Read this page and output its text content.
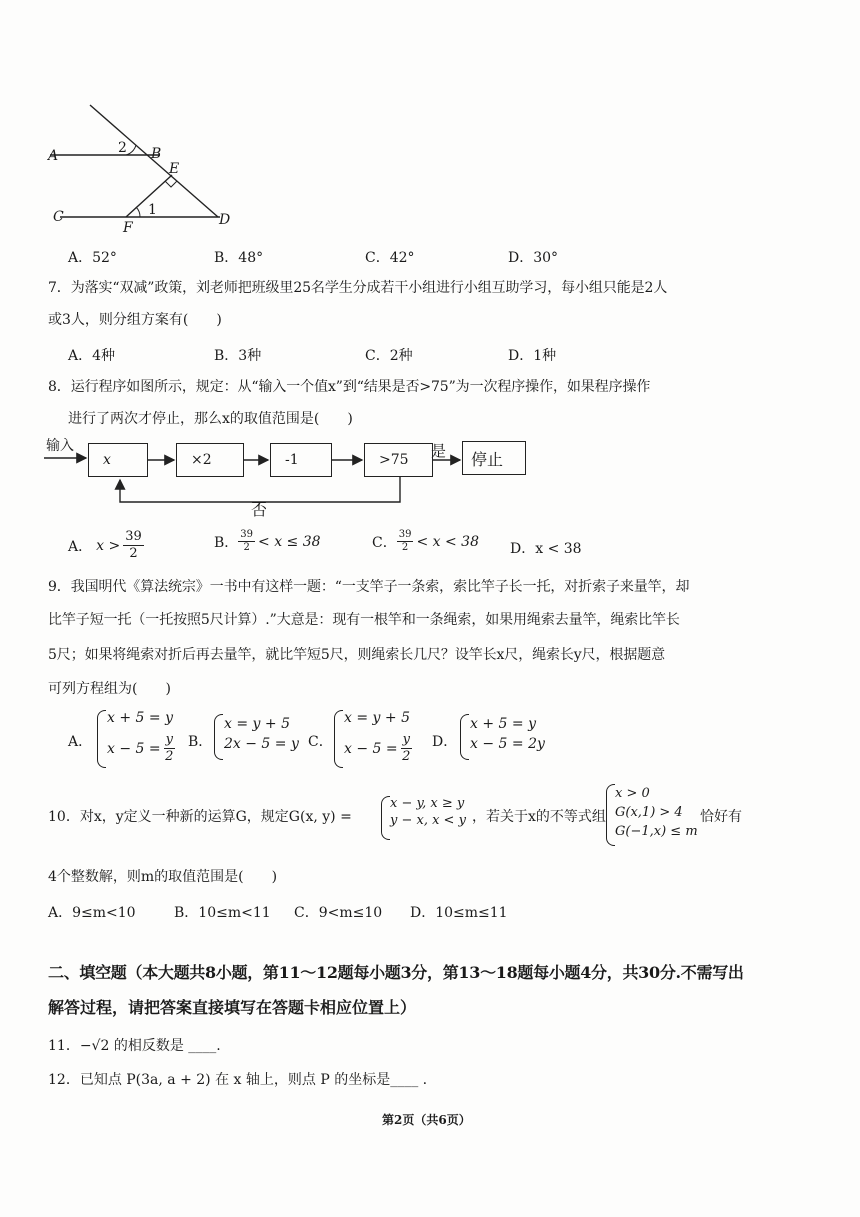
A	2 B
E
C	1
D
F
A．52°	B．48°	C．42°	D．30°
7．为落实“双减”政策，刘老师把班级里25名学生分成若干小组进行小组互助学习，每小组只能是2人
或3人，则分组方案有(　　)
A．4种	B．3种	C．2种	D．1种
8．运行程序如图所示，规定：从“输入一个值x”到“结果是否>75”为一次程序操作，如果程序操作
进行了两次才停止，那么x的取值范围是(　　)
输入
x	×2	-1	>75	是	停止
否
A． $x > \frac{39}{2}$	B． $\frac{39}{2} < x \le 38$	C． $\frac{39}{2} < x < 38$ D．x < 38
9．我国明代《算法统宗》一书中有这样一题：“一支竿子一条索，索比竿子长一托，对折索子来量竿，却
比竿子短一托（一托按照5尺计算）.”大意是：现有一根竿和一条绳索，如果用绳索去量竿，绳索比竿长
5尺；如果将绳索对折后再去量竿，就比竿短5尺，则绳索长几尺？设竿长x尺，绳索长y尺，根据题意
可列方程组为(　　)
A．
x + 5 = y
$x - 5 = \frac{y}{2}$ B．
x = y + 5
2x − 5 = y C．
x = y + 5
$x - 5 = \frac{y}{2}$ D．
x + 5 = y
x − 5 = 2y
10．对x，y定义一种新的运算G，规定G(x, y) =
x − y, x ≥ y
y − x, x < y ，若关于x的不等式组
x > 0
G(x,1) > 4
G(−1,x) ≤ m
恰好有
4个整数解，则m的取值范围是(　　)
A．9≤m<10	B．10≤m<11 C．9<m≤10 D．10≤m≤11
二、填空题（本大题共8小题，第11～12题每小题3分，第13～18题每小题4分，共30分.不需写出
解答过程，请把答案直接填写在答题卡相应位置上）
11．−√2 的相反数是 ____.
12．已知点 P(3a, a + 2) 在 x 轴上，则点 P 的坐标是____ .
第2页（共6页）
